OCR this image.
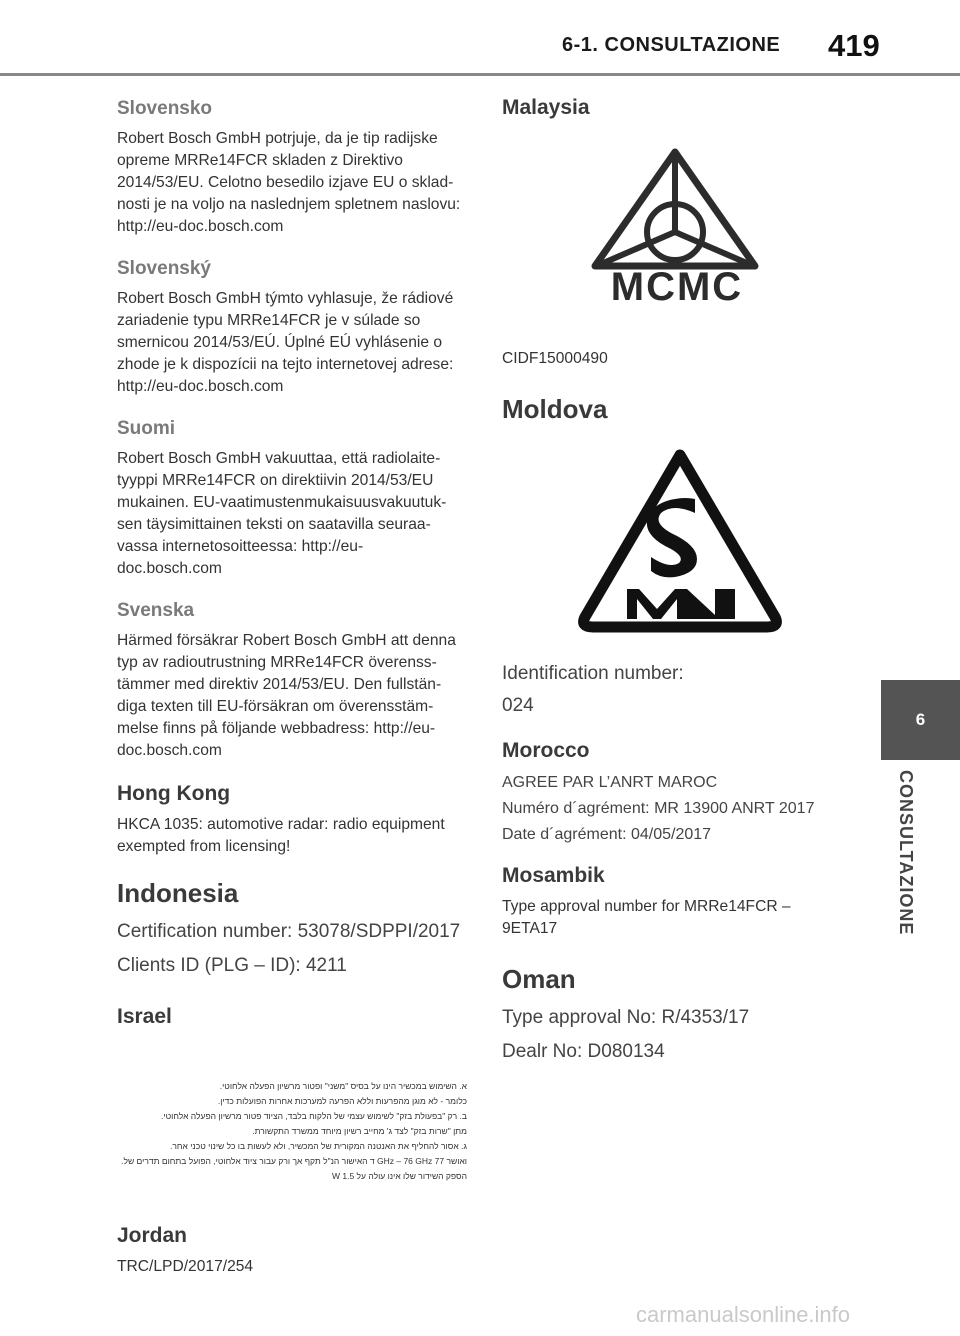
6-1. CONSULTAZIONE 419
Slovensko
Robert Bosch GmbH potrjuje, da je tip radijske
opreme MRRe14FCR skladen z Direktivo
2014/53/EU. Celotno besedilo izjave EU o sklad-
nosti je na voljo na naslednjem spletnem naslovu:
http://eu-doc.bosch.com
Slovenský
Robert Bosch GmbH týmto vyhlasuje, že rádiové
zariadenie typu MRRe14FCR je v súlade so
smernicou 2014/53/EÚ. Úplné EÚ vyhlásenie o
zhode je k dispozícii na tejto internetovej adrese:
http://eu-doc.bosch.com
Suomi
Robert Bosch GmbH vakuuttaa, että radiolaite-
tyyppi MRRe14FCR on direktiivin 2014/53/EU
mukainen. EU-vaatimustenmukaisuusvakuutuk-
sen täysimittainen teksti on saatavilla seuraa-
vassa internetosoitteessa: http://eu-
doc.bosch.com
Svenska
Härmed försäkrar Robert Bosch GmbH att denna
typ av radioutrustning MRRe14FCR överenss-
tämmer med direktiv 2014/53/EU. Den fullstän-
diga texten till EU-försäkran om överensstäm-
melse finns på följande webbadress: http://eu-
doc.bosch.com
Hong Kong
HKCA 1035: automotive radar: radio equipment
exempted from licensing!
Indonesia
Certification number: 53078/SDPPI/2017
Clients ID (PLG – ID): 4211
Israel
א. השימוש במכשיר הינו על בסיס "משני" ופטור מרשיון הפעלה אלחוטי.
כלומר - לא מוגן מהפרעות וללא הפרעה למערכות אחרות הפועלות כדין.
ב. רק "בפעולת בזק" לשימוש עצמי של הלקוח בלבד, הציוד פטור מרשיון הפעלה אלחוטי.
מתן "שרות בזק" לצד ג' מחייב רשיון מיוחד ממשרד התקשורת.
ג. אסור להחליף את האנטנה המקורית של המכשיר, ולא לעשות בו כל שינוי טכני אחר.
ואושר 77 GHz – 76 GHz ד האישור הנ"ל תקף אך ורק עבור ציוד אלחוטי, הפועל בתחום תדרים של.
הספק השידור שלו אינו עולה על W 1.5
Jordan
TRC/LPD/2017/254
Malaysia
MCMC
CIDF15000490
Moldova
Identification number:
024
Morocco
AGREE PAR L’ANRT MAROC
Numéro d´agrément: MR 13900 ANRT 2017
Date d´agrément: 04/05/2017
Mosambik
Type approval number for MRRe14FCR –
9ETA17
Oman
Type approval No: R/4353/17
Dealr No: D080134
6
CONSULTAZIONE
carmanualsonline.info
